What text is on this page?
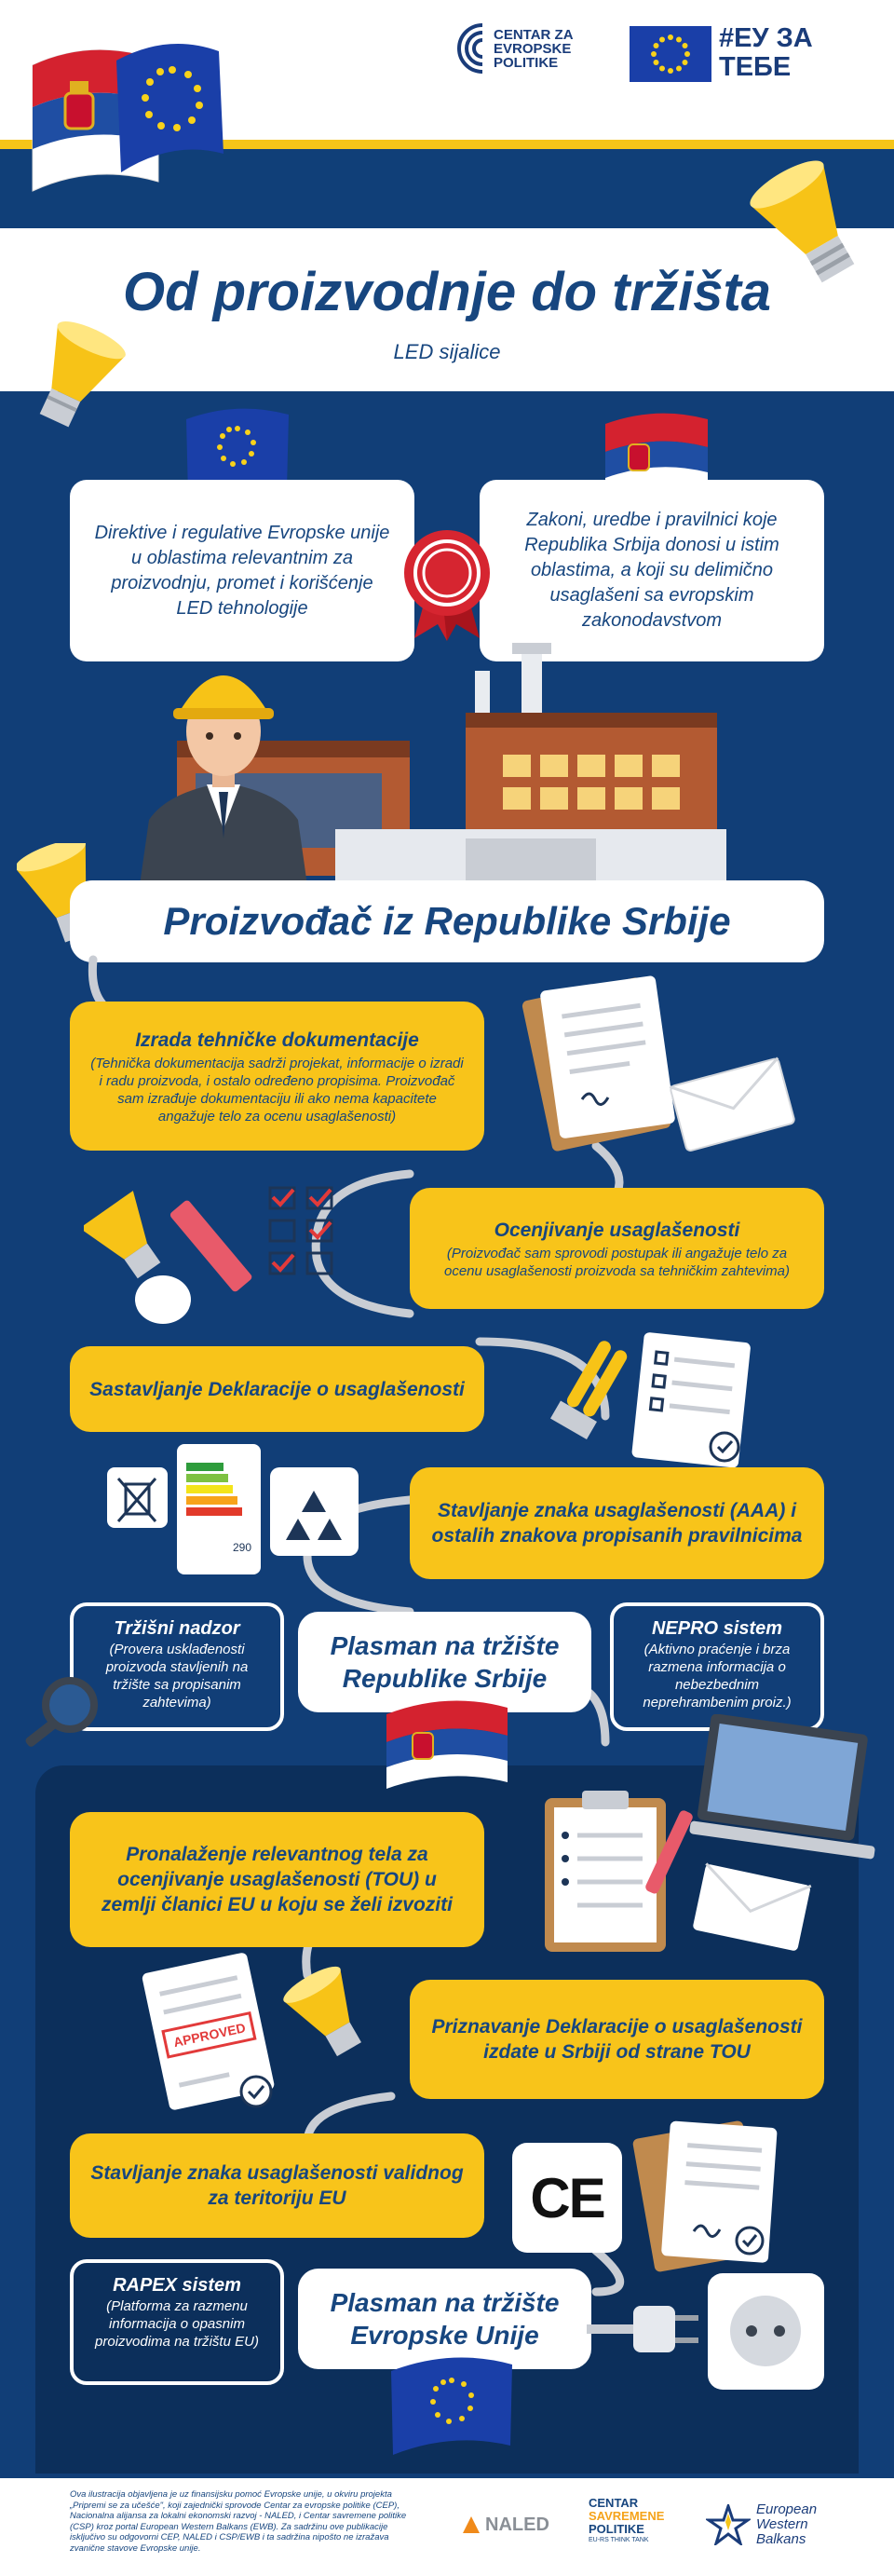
CENTAR ZA EVROPSKE POLITIKE
#ЕУ ЗА ТЕБЕ
Od proizvodnje do tržišta
LED sijalice
Direktive i regulative Evropske unije u oblastima relevantnim za proizvodnju, promet i korišćenje LED tehnologije
Zakoni, uredbe i pravilnici koje Republika Srbija donosi u istim oblastima, a koji su delimično usaglašeni sa evropskim zakonodavstvom
Proizvođač iz Republike Srbije
Izrada tehničke dokumentacije
(Tehnička dokumentacija sadrži projekat, informacije o izradi i radu proizvoda, i ostalo određeno propisima. Proizvođač sam izrađuje dokumentaciju ili ako nema kapacitete angažuje telo za ocenu usaglašenosti)
Ocenjivanje usaglašenosti
(Proizvođač sam sprovodi postupak ili angažuje telo za ocenu usaglašenosti proizvoda sa tehničkim zahtevima)
Sastavljanje Deklaracije o usaglašenosti
290
Stavljanje znaka usaglašenosti (AAA) i ostalih znakova propisanih pravilnicima
Tržišni nadzor
(Provera usklađenosti proizvoda stavljenih na tržište sa propisanim zahtevima)
Plasman na tržište Republike Srbije
NEPRO sistem
(Aktivno praćenje i brza razmena informacija o nebezbednim neprehrambenim proiz.)
Pronalaženje relevantnog tela za ocenjivanje usaglašenosti (TOU) u zemlji članici EU u koju se želi izvoziti
APPROVED	Priznavanje Deklaracije o usaglašenosti izdate u Srbiji od strane TOU
Stavljanje znaka usaglašenosti validnog za teritoriju EU	CE
RAPEX sistem
(Platforma za razmenu informacija o opasnim proizvodima na tržištu EU)
Plasman na tržište Evropske Unije
Ova ilustracija objavljena je uz finansijsku pomoć Evropske unije, u okviru projekta „Pripremi se za učešće", koji zajednički sprovode Centar za evropske politike (CEP), Nacionalna alijansa za lokalni ekonomski razvoj - NALED, i Centar savremene politike (CSP) kroz portal European Western Balkans (EWB). Za sadržinu ove publikacije isključivo su odgovorni CEP, NALED i CSP/EWB i ta sadržina nipošto ne izražava zvanične stavove Evropske unije.
NALED
CENTAR
SAVREMENE
POLITIKE
EU-RS THINK TANK
European Western Balkans
